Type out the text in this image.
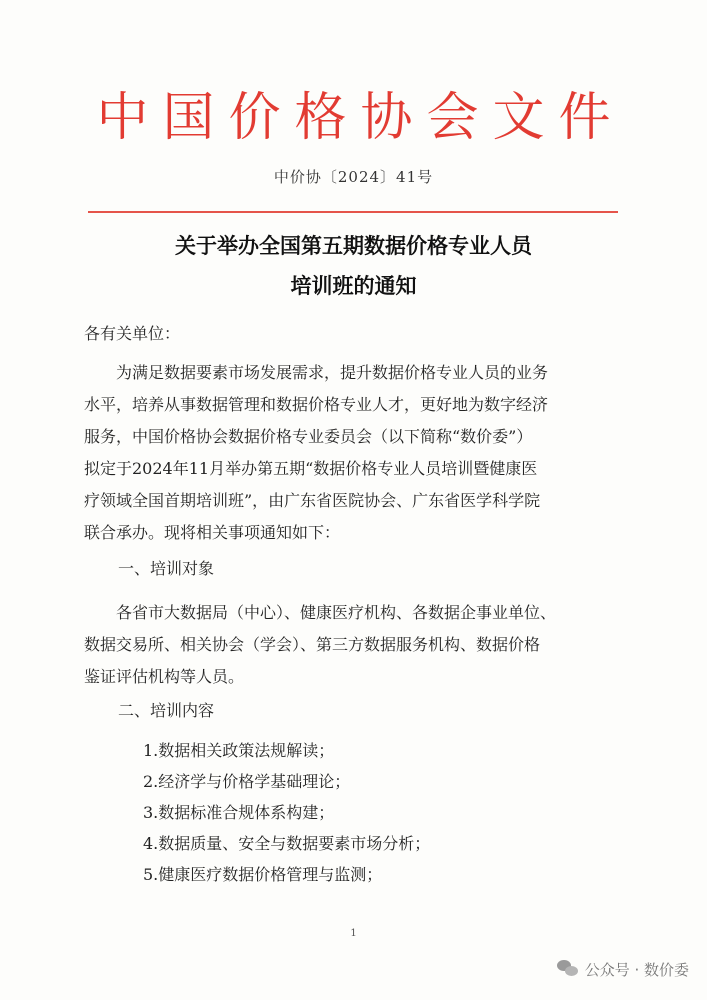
中国价格协会文件
中价协〔2024〕41号
关于举办全国第五期数据价格专业人员
培训班的通知
各有关单位：
为满足数据要素市场发展需求，提升数据价格专业人员的业务
水平，培养从事数据管理和数据价格专业人才，更好地为数字经济
服务，中国价格协会数据价格专业委员会（以下简称“数价委”）
拟定于2024年11月举办第五期“数据价格专业人员培训暨健康医
疗领域全国首期培训班”，由广东省医院协会、广东省医学科学院
联合承办。现将相关事项通知如下：
一、培训对象
各省市大数据局（中心）、健康医疗机构、各数据企事业单位、
数据交易所、相关协会（学会）、第三方数据服务机构、数据价格
鉴证评估机构等人员。
二、培训内容
1.数据相关政策法规解读；
2.经济学与价格学基础理论；
3.数据标准合规体系构建；
4.数据质量、安全与数据要素市场分析；
5.健康医疗数据价格管理与监测；
1
公众号 · 数价委
